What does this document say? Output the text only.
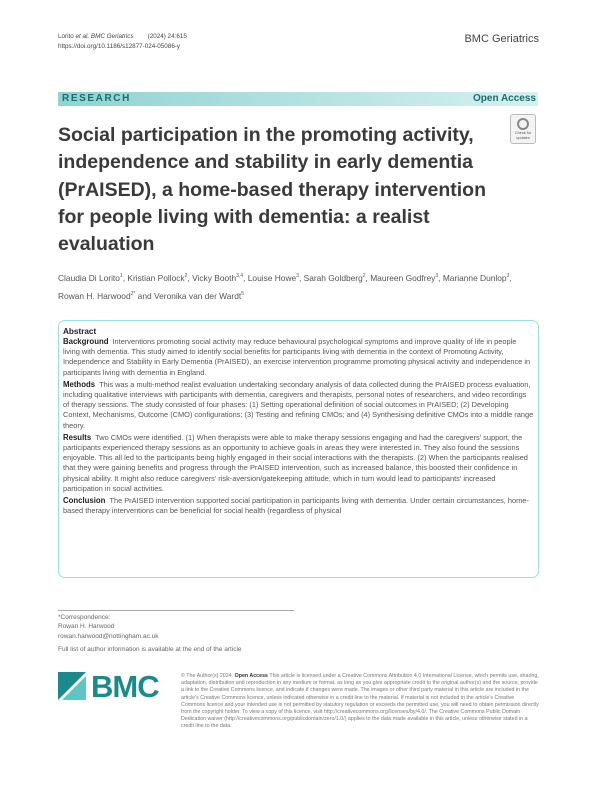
Lorito et al. BMC Geriatrics (2024) 24:615
https://doi.org/10.1186/s12877-024-05086-y
BMC Geriatrics
RESEARCH	Open Access
Check for updates
Social participation in the promoting activity, independence and stability in early dementia (PrAISED), a home-based therapy intervention for people living with dementia: a realist evaluation
Claudia Di Lorito$^1$, Kristian Pollock$^2$, Vicky Booth$^{3,4}$, Louise Howe$^3$, Sarah Goldberg$^2$, Maureen Godfrey$^3$, Marianne Dunlop$^3$, Rowan H. Harwood$^{2*}$ and Veronika van der Wardt$^5$
Abstract

Background Interventions promoting social activity may reduce behavioural psychological symptoms and improve quality of life in people living with dementia. This study aimed to identify social benefits for participants living with dementia in the context of Promoting Activity, Independence and Stability in Early Dementia (PrAISED), an exercise intervention programme promoting physical activity and independence in participants living with dementia in England.

Methods This was a multi-method realist evaluation undertaking secondary analysis of data collected during the PrAISED process evaluation, including qualitative interviews with participants with dementia, caregivers and therapists, personal notes of researchers, and video recordings of therapy sessions. The study consisted of four phases: (1) Setting operational definition of social outcomes in PrAISED; (2) Developing Context, Mechanisms, Outcome (CMO) configurations; (3) Testing and refining CMOs; and (4) Synthesising definitive CMOs into a middle range theory.

Results Two CMOs were identified. (1) When therapists were able to make therapy sessions engaging and had the caregivers' support, the participants experienced therapy sessions as an opportunity to achieve goals in areas they were interested in. They also found the sessions enjoyable. This all led to the participants being highly engaged in their social interactions with the therapists. (2) When the participants realised that they were gaining benefits and progress through the PrAISED intervention, such as increased balance, this boosted their confidence in physical ability. It might also reduce caregivers' risk-aversion/gatekeeping attitude, which in turn would lead to participants' increased participation in social activities.

Conclusion The PrAISED intervention supported social participation in participants living with dementia. Under certain circumstances, home-based therapy interventions can be beneficial for social health (regardless of physical

*Correspondence:
Rowan H. Harwood
rowan.harwood@nottingham.ac.uk
Full list of author information is available at the end of the article
BMC	© The Author(s) 2024. Open Access This article is licensed under a Creative Commons Attribution 4.0 International License, which permits use, sharing, adaptation, distribution and reproduction in any medium or format, as long as you give appropriate credit to the original author(s) and the source, provide a link to the Creative Commons licence, and indicate if changes were made. The images or other third party material in this article are included in the article's Creative Commons licence, unless indicated otherwise in a credit line to the material. If material is not included in the article's Creative Commons licence and your intended use is not permitted by statutory regulation or exceeds the permitted use, you will need to obtain permission directly from the copyright holder. To view a copy of this licence, visit http://creativecommons.org/licenses/by/4.0/. The Creative Commons Public Domain Dedication waiver (http://creativecommons.org/publicdomain/zero/1.0/) applies to the data made available in this article, unless otherwise stated in a credit line to the data.
